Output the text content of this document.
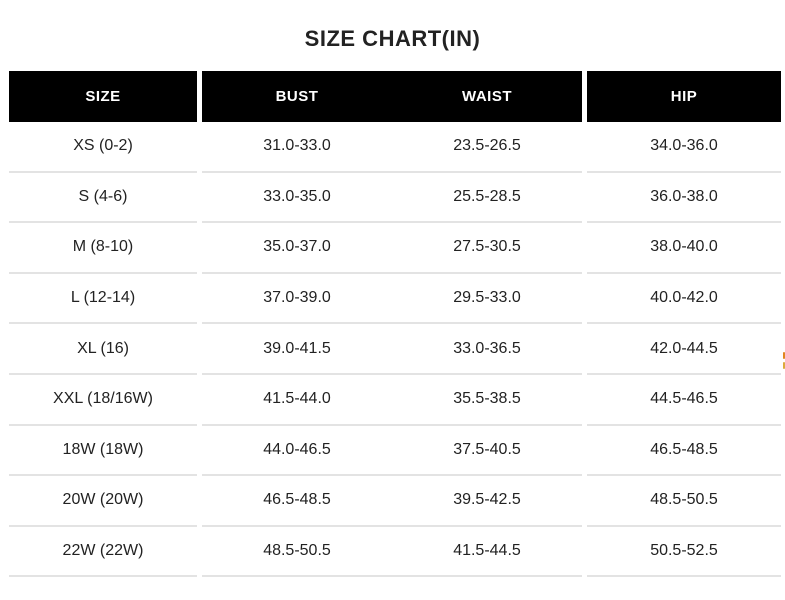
SIZE CHART(IN)
SIZE	BUST	WAIST	HIP
XS (0-2)	31.0-33.0	23.5-26.5	34.0-36.0
S (4-6)	33.0-35.0	25.5-28.5	36.0-38.0
M (8-10)	35.0-37.0	27.5-30.5	38.0-40.0
L (12-14)	37.0-39.0	29.5-33.0	40.0-42.0
XL (16)	39.0-41.5	33.0-36.5	42.0-44.5
XXL (18/16W)	41.5-44.0	35.5-38.5	44.5-46.5
18W (18W)	44.0-46.5	37.5-40.5	46.5-48.5
20W (20W)	46.5-48.5	39.5-42.5	48.5-50.5
22W (22W)	48.5-50.5	41.5-44.5	50.5-52.5
